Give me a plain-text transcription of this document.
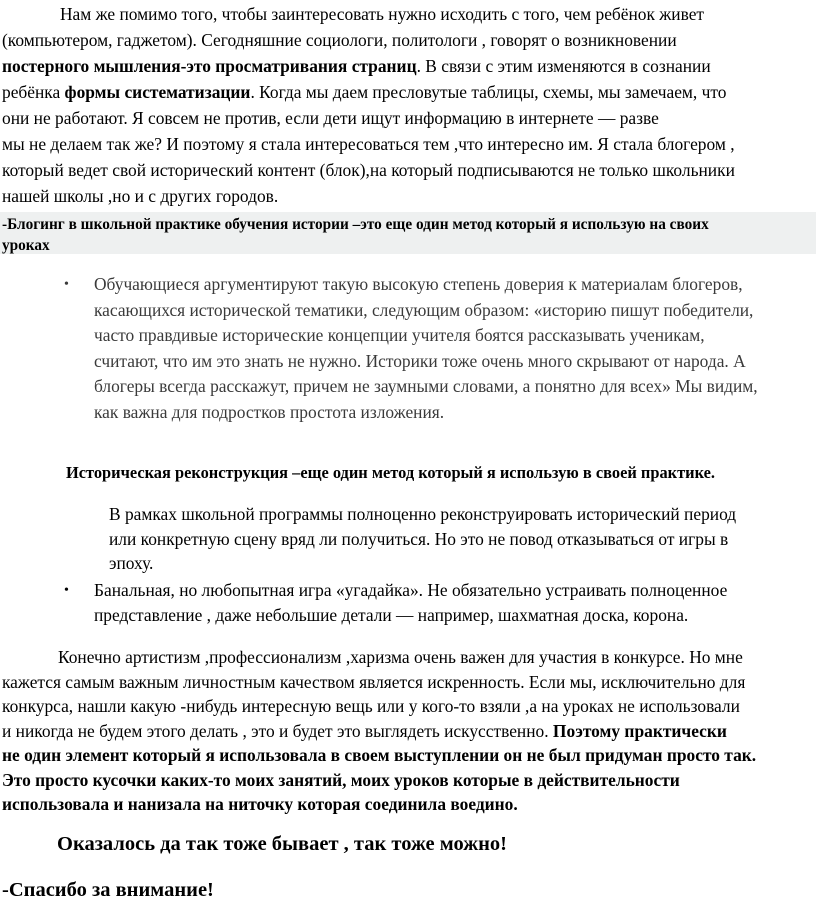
Нам же помимо того, чтобы заинтересовать нужно исходить с того, чем ребёнок живет
(компьютером, гаджетом). Сегодняшние социологи, политологи , говорят о возникновении
постерного мышления-это просматривания страниц. В связи с этим изменяются в сознании
ребёнка формы систематизации. Когда мы даем пресловутые таблицы, схемы, мы замечаем, что
они не работают. Я совсем не против, если дети ищут информацию в интернете — разве
мы не делаем так же? И поэтому я стала интересоваться тем ,что интересно им. Я стала блогером ,
который ведет свой исторический контент (блок),на который подписываются не только школьники
нашей школы ,но и с других городов.

-Блогинг в школьной практике обучения истории –это еще один метод который я использую на своих
уроках

• Обучающиеся аргументируют такую высокую степень доверия к материалам блогеров,
касающихся исторической тематики, следующим образом: «историю пишут победители,
часто правдивые исторические концепции учителя боятся рассказывать ученикам,
считают, что им это знать не нужно. Историки тоже очень много скрывают от народа. А
блогеры всегда расскажут, причем не заумными словами, а понятно для всех» Мы видим,
как важна для подростков простота изложения.
Историческая реконструкция –еще один метод который я использую в своей практике.
В рамках школьной программы полноценно реконструировать исторический период
или конкретную сцену вряд ли получиться. Но это не повод отказываться от игры в
эпоху.
• Банальная, но любопытная игра «угадайка». Не обязательно устраивать полноценное
представление , даже небольшие детали — например, шахматная доска, корона.
Конечно артистизм ,профессионализм ,харизма очень важен для участия в конкурсе. Но мне
кажется самым важным личностным качеством является искренность. Если мы, исключительно для
конкурса, нашли какую -нибудь интересную вещь или у кого-то взяли ,а на уроках не использовали
и никогда не будем этого делать , это и будет это выглядеть искусственно. Поэтому практически
не один элемент который я использовала в своем выступлении он не был придуман просто так.
Это просто кусочки каких-то моих занятий, моих уроков которые в действительности
использовала и нанизала на ниточку которая соединила воедино.
Оказалось да так тоже бывает , так тоже можно!
-Спасибо за внимание!
